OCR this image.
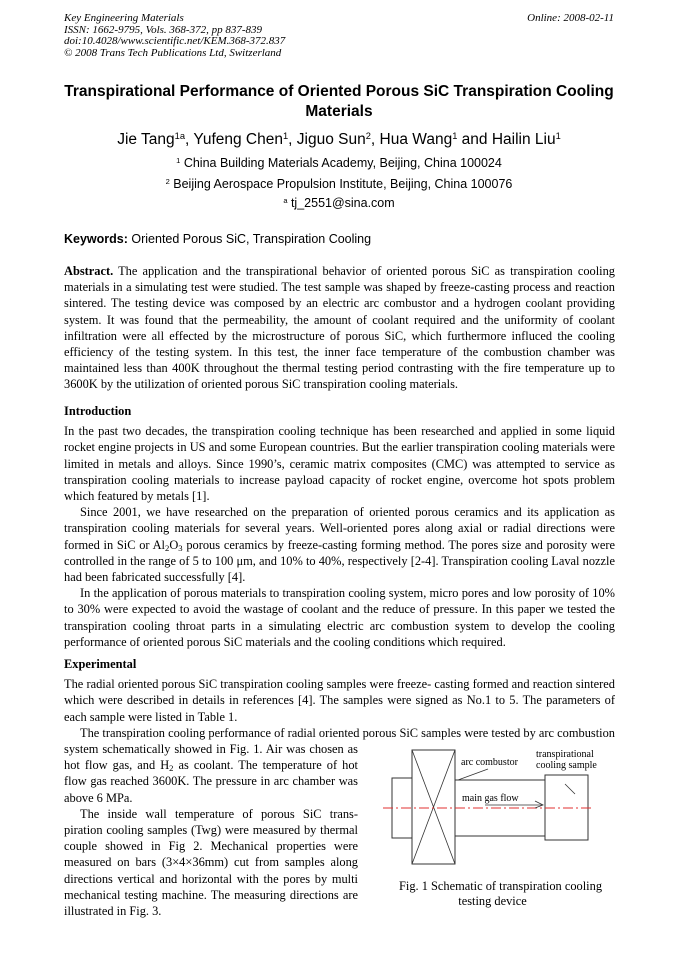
Key Engineering Materials
ISSN: 1662-9795, Vols. 368-372, pp 837-839
doi:10.4028/www.scientific.net/KEM.368-372.837
© 2008 Trans Tech Publications Ltd, Switzerland
Online: 2008-02-11
Transpirational Performance of Oriented Porous SiC Transpiration Cooling Materials
Jie Tang$^{1a}$, Yufeng Chen$^1$, Jiguo Sun$^2$, Hua Wang$^1$ and Hailin Liu$^1$
$^1$ China Building Materials Academy, Beijing, China 100024
$^2$ Beijing Aerospace Propulsion Institute, Beijing, China 100076
$^a$ tj_2551@sina.com
Keywords: Oriented Porous SiC, Transpiration Cooling

Abstract. The application and the transpirational behavior of oriented porous SiC as transpiration cooling materials in a simulating test were studied. The test sample was shaped by freeze-casting process and reaction sintered. The testing device was composed by an electric arc combustor and a hydrogen coolant providing system. It was found that the permeability, the amount of coolant required and the uniformity of coolant infiltration were all effected by the microstructure of porous SiC, which furthermore influced the cooling efficiency of the testing system. In this test, the inner face temperature of the combustion chamber was maintained less than 400K throughout the thermal testing period contrasting with the fire temperature up to 3600K by the utilization of oriented porous SiC transpiration cooling materials.

Introduction

In the past two decades, the transpiration cooling technique has been researched and applied in some liquid rocket engine projects in US and some European countries. But the earlier transpiration cooling materials were limited in metals and alloys. Since 1990’s, ceramic matrix composites (CMC) was attempted to service as transpiration cooling materials to increase payload capacity of rocket engine, overcome hot spots problem which featured by metals [1].

Since 2001, we have researched on the preparation of oriented porous ceramics and its application as transpiration cooling materials for several years. Well-oriented pores along axial or radial directions were formed in SiC or $Al_2O_3$ porous ceramics by freeze-casting forming method. The pores size and porosity were controlled in the range of 5 to 100 μm, and 10% to 40%, respectively [2-4]. Transpiration cooling Laval nozzle had been fabricated successfully [4].

In the application of porous materials to transpiration cooling system, micro pores and low porosity of 10% to 30% were expected to avoid the wastage of coolant and the reduce of pressure. In this paper we tested the transpiration cooling throat parts in a simulating electric arc combustion system to develop the cooling performance of oriented porous SiC materials and the cooling conditions which required.

Experimental

The radial oriented porous SiC transpiration cooling samples were freeze- casting formed and reaction sintered which were described in details in references [4]. The samples were signed as No.1 to 5. The parameters of each sample were listed in Table 1.

arc combustor
transpirational
cooling sample
main gas flow
Fig. 1 Schematic of transpiration cooling testing device
The transpiration cooling performance of radial oriented porous SiC samples were tested by arc combustion system schematically showed in Fig. 1. Air was chosen as hot flow gas, and $H_2$ as coolant. The temperature of hot flow gas reached 3600K. The pressure in arc chamber was above 6 MPa.

The inside wall temperature of porous SiC trans-piration cooling samples (Twg) were measured by thermal couple showed in Fig 2. Mechanical properties were measured on bars (3×4×36mm) cut from samples along directions vertical and horizontal with the pores by multi mechanical testing machine. The measuring directions are illustrated in Fig. 3.
